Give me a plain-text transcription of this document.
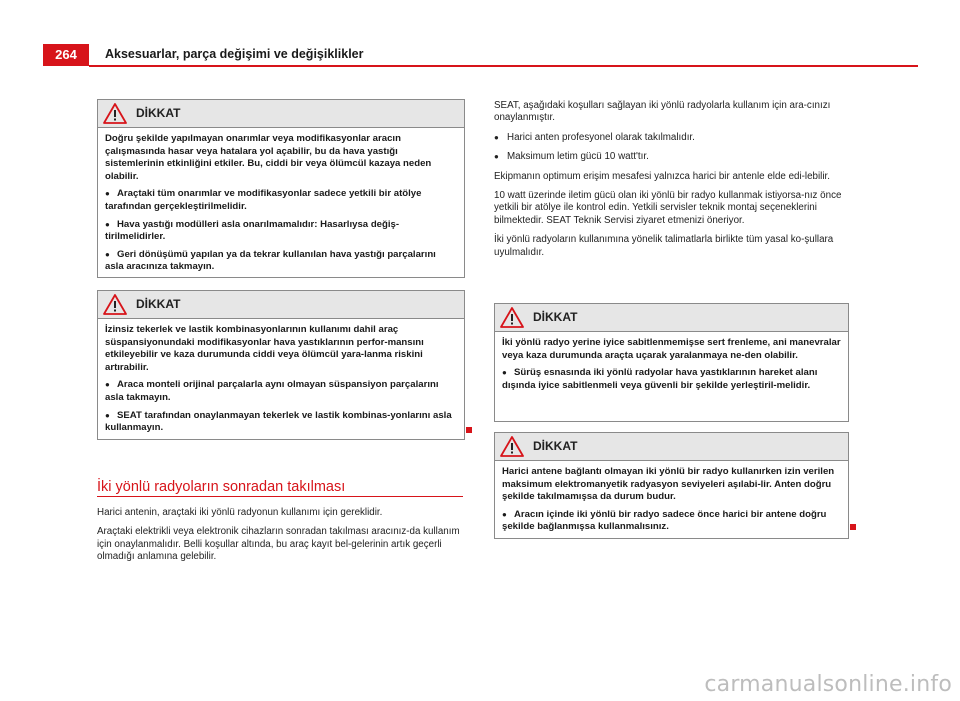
264	Aksesuarlar, parça değişimi ve değişiklikler
DİKKAT

Doğru şekilde yapılmayan onarımlar veya modifikasyonlar aracın çalışmasında hasar veya hatalara yol açabilir, bu da hava yastığı sistemlerinin etkinliğini etkiler. Bu, ciddi bir veya ölümcül kazaya neden olabilir.

● Araçtaki tüm onarımlar ve modifikasyonlar sadece yetkili bir atölye tarafından gerçekleştirilmelidir.

● Hava yastığı modülleri asla onarılmamalıdır: Hasarlıysa değiş-tirilmelidirler.

● Geri dönüşümü yapılan ya da tekrar kullanılan hava yastığı parçalarını asla aracınıza takmayın.

DİKKAT

İzinsiz tekerlek ve lastik kombinasyonlarının kullanımı dahil araç süspansiyonundaki modifikasyonlar hava yastıklarının perfor-mansını etkileyebilir ve kaza durumunda ciddi veya ölümcül yara-lanma riskini artırabilir.

● Araca monteli orijinal parçalarla aynı olmayan süspansiyon parçalarını asla takmayın.

● SEAT tarafından onaylanmayan tekerlek ve lastik kombinas-yonlarını asla kullanmayın.

İki yönlü radyoların sonradan takılması

Harici antenin, araçtaki iki yönlü radyonun kullanımı için gereklidir.

Araçtaki elektrikli veya elektronik cihazların sonradan takılması aracınız-da kullanım için onaylanmalıdır. Belli koşullar altında, bu araç kayıt bel-gelerinin artık geçerli olmadığı anlamına gelebilir.

SEAT, aşağıdaki koşulları sağlayan iki yönlü radyolarla kullanım için ara-cınızı onaylanmıştır.

● Harici anten profesyonel olarak takılmalıdır.

● Maksimum letim gücü 10 watt'tır.

Ekipmanın optimum erişim mesafesi yalnızca harici bir antenle elde edi-lebilir.

10 watt üzerinde iletim gücü olan iki yönlü bir radyo kullanmak istiyorsa-nız önce yetkili bir atölye ile kontrol edin. Yetkili servisler teknik montaj seçeneklerini bilmektedir. SEAT Teknik Servisi ziyaret etmenizi öneriyor.

İki yönlü radyoların kullanımına yönelik talimatlarla birlikte tüm yasal ko-şullara uyulmalıdır.

DİKKAT

İki yönlü radyo yerine iyice sabitlenmemişse sert frenleme, ani manevralar veya kaza durumunda araçta uçarak yaralanmaya ne-den olabilir.

● Sürüş esnasında iki yönlü radyolar hava yastıklarının hareket alanı dışında iyice sabitlenmeli veya güvenli bir şekilde yerleştiril-melidir.

DİKKAT

Harici antene bağlantı olmayan iki yönlü bir radyo kullanırken izin verilen maksimum elektromanyetik radyasyon seviyeleri aşılabi-lir. Anten doğru şekilde takılmamışsa da durum budur.

● Aracın içinde iki yönlü bir radyo sadece önce harici bir antene doğru şekilde bağlanmışsa kullanmalısınız.

carmanualsonline.info
